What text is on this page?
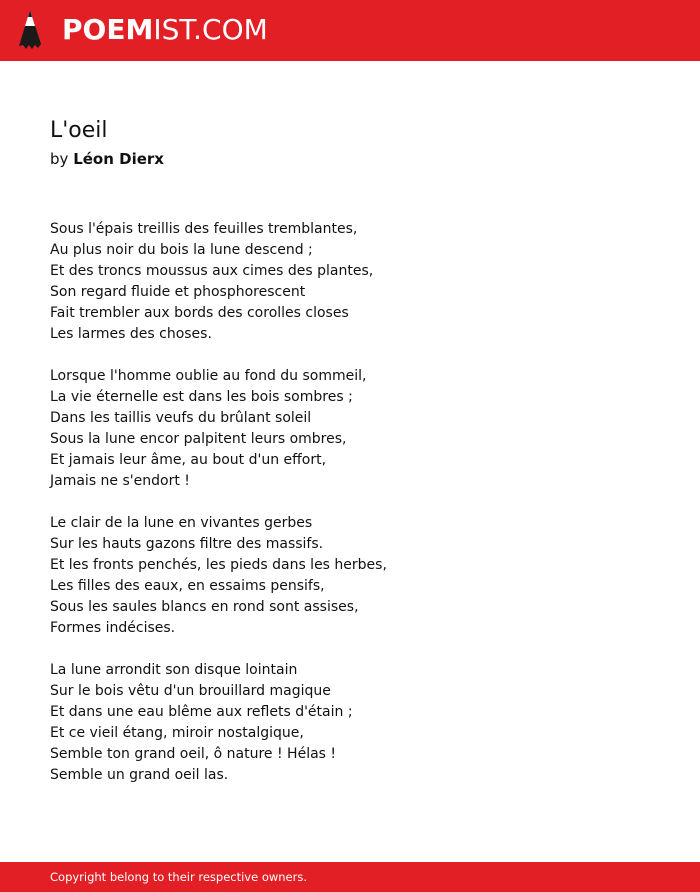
POEMIST.COM
L'oeil
by Léon Dierx
Sous l'épais treillis des feuilles tremblantes,
Au plus noir du bois la lune descend ;
Et des troncs moussus aux cimes des plantes,
Son regard fluide et phosphorescent
Fait trembler aux bords des corolles closes
Les larmes des choses.
Lorsque l'homme oublie au fond du sommeil,
La vie éternelle est dans les bois sombres ;
Dans les taillis veufs du brûlant soleil
Sous la lune encor palpitent leurs ombres,
Et jamais leur âme, au bout d'un effort,
Jamais ne s'endort !
Le clair de la lune en vivantes gerbes
Sur les hauts gazons filtre des massifs.
Et les fronts penchés, les pieds dans les herbes,
Les filles des eaux, en essaims pensifs,
Sous les saules blancs en rond sont assises,
Formes indécises.
La lune arrondit son disque lointain
Sur le bois vêtu d'un brouillard magique
Et dans une eau blême aux reflets d'étain ;
Et ce vieil étang, miroir nostalgique,
Semble ton grand oeil, ô nature ! Hélas !
Semble un grand oeil las.
Copyright belong to their respective owners.
